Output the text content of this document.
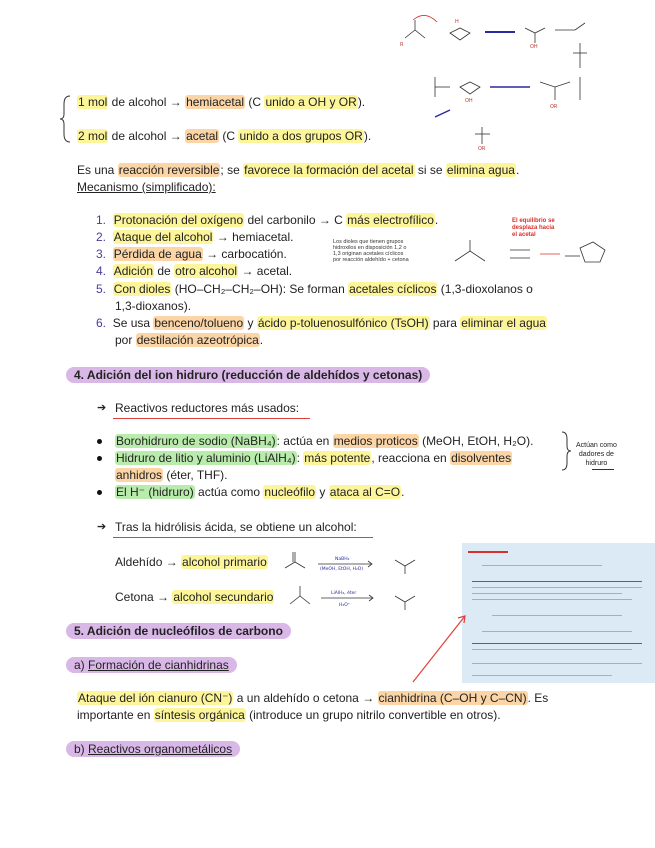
H
R	OH
OH
OR
OR
1 mol de alcohol → hemiacetal (C unido a OH y OR).
2 mol de alcohol → acetal (C unido a dos grupos OR).
Es una reacción reversible; se favorece la formación del acetal si se elimina agua.
Mecanismo (simplificado):
1. Protonación del oxígeno del carbonilo → C más electrofílico.
2. Ataque del alcohol → hemiacetal.
3. Pérdida de agua → carbocatión.
4. Adición de otro alcohol → acetal.
Los dioles que tienen grupos
hidroxilos en disposición 1,2 o
1,3 originan acetales cíclicos
por reacción aldehído + cetona
El equilibrio se
desplaza hacia
el acetal
5. Con dioles (HO–CH₂–CH₂–OH): Se forman acetales cíclicos (1,3-dioxolanos o
1,3-dioxanos).
6. Se usa benceno/tolueno y ácido p-toluenosulfónico (TsOH) para eliminar el agua
por destilación azeotrópica.
4. Adición del ion hidruro (reducción de aldehídos y cetonas)
➔ Reactivos reductores más usados:
Borohidruro de sodio (NaBH₄): actúa en medios proticos (MeOH, EtOH, H₂O).
Hidruro de litio y aluminio (LiAlH₄): más potente, reacciona en disolventes
anhidros (éter, THF).
El H⁻ (hidruro) actúa como nucleófilo y ataca al C=O.
Actúan como
dadores de
hidruro
➔ Tras la hidrólisis ácida, se obtiene un alcohol:
Aldehído → alcohol primario	NaBH₄
(MeOH, EtOH, H₂O)
Cetona → alcohol secundario	LiAlH₄, éter
H₃O⁺
5. Adición de nucleófilos de carbono
a) Formación de cianhidrinas
Ataque del ión cianuro (CN⁻) a un aldehído o cetona → cianhidrina (C–OH y C–CN). Es
importante en síntesis orgánica (introduce un grupo nitrilo convertible en otros).
b) Reactivos organometálicos
